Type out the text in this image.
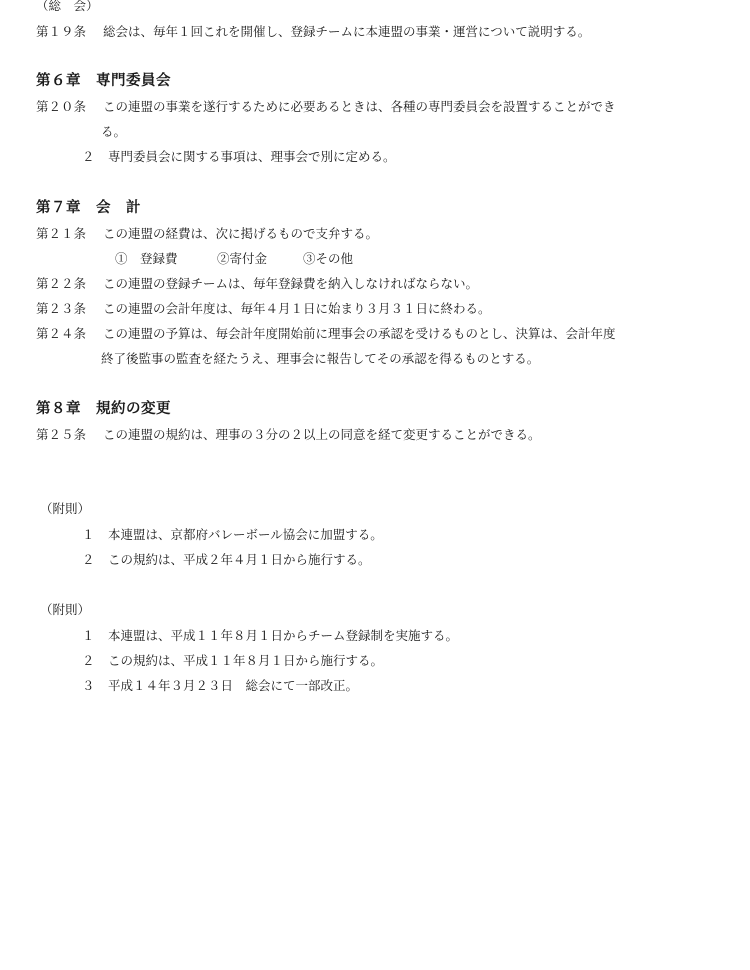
（総　会）
第１９条 総会は、毎年１回これを開催し、登録チームに本連盟の事業・運営について説明する。
第６章　専門委員会
第２０条 この連盟の事業を遂行するために必要あるときは、各種の専門委員会を設置することができ
る。
２ 専門委員会に関する事項は、理事会で別に定める。
第７章　会　計
第２１条 この連盟の経費は、次に掲げるもので支弁する。
①　登録費	②寄付金	③その他
第２２条 この連盟の登録チームは、毎年登録費を納入しなければならない。
第２３条 この連盟の会計年度は、毎年４月１日に始まり３月３１日に終わる。
第２４条 この連盟の予算は、毎会計年度開始前に理事会の承認を受けるものとし、決算は、会計年度
終了後監事の監査を経たうえ、理事会に報告してその承認を得るものとする。
第８章　規約の変更
第２５条 この連盟の規約は、理事の３分の２以上の同意を経て変更することができる。
（附則）
１ 本連盟は、京都府バレーボール協会に加盟する。
２ この規約は、平成２年４月１日から施行する。
（附則）
１ 本連盟は、平成１１年８月１日からチーム登録制を実施する。
２ この規約は、平成１１年８月１日から施行する。
３ 平成１４年３月２３日　総会にて一部改正。
